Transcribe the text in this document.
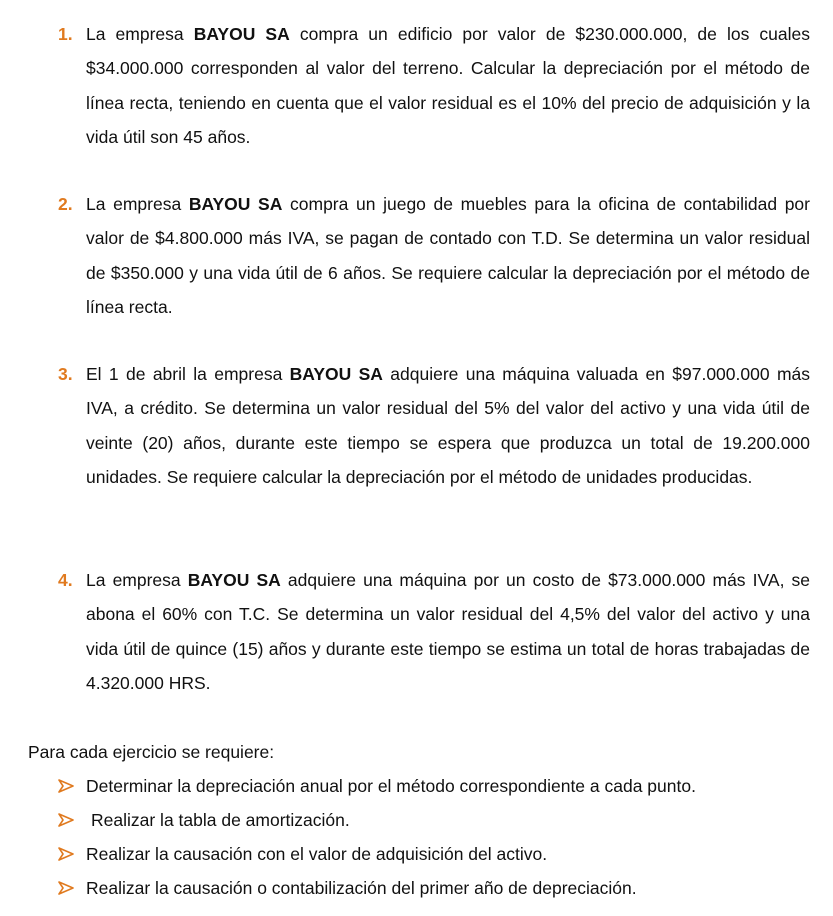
1. La empresa BAYOU SA compra un edificio por valor de $230.000.000, de los cuales $34.000.000 corresponden al valor del terreno. Calcular la depreciación por el método de línea recta, teniendo en cuenta que el valor residual es el 10% del precio de adquisición y la vida útil son 45 años.
2. La empresa BAYOU SA compra un juego de muebles para la oficina de contabilidad por valor de $4.800.000 más IVA, se pagan de contado con T.D. Se determina un valor residual de $350.000 y una vida útil de 6 años. Se requiere calcular la depreciación por el método de línea recta.
3. El 1 de abril la empresa BAYOU SA adquiere una máquina valuada en $97.000.000 más IVA, a crédito. Se determina un valor residual del 5% del valor del activo y una vida útil de veinte (20) años, durante este tiempo se espera que produzca un total de 19.200.000 unidades. Se requiere calcular la depreciación por el método de unidades producidas.
4. La empresa BAYOU SA adquiere una máquina por un costo de $73.000.000 más IVA, se abona el 60% con T.C. Se determina un valor residual del 4,5% del valor del activo y una vida útil de quince (15) años y durante este tiempo se estima un total de horas trabajadas de 4.320.000 HRS.
Para cada ejercicio se requiere:
Determinar la depreciación anual por el método correspondiente a cada punto.
Realizar la tabla de amortización.
Realizar la causación con el valor de adquisición del activo.
Realizar la causación o contabilización del primer año de depreciación.
